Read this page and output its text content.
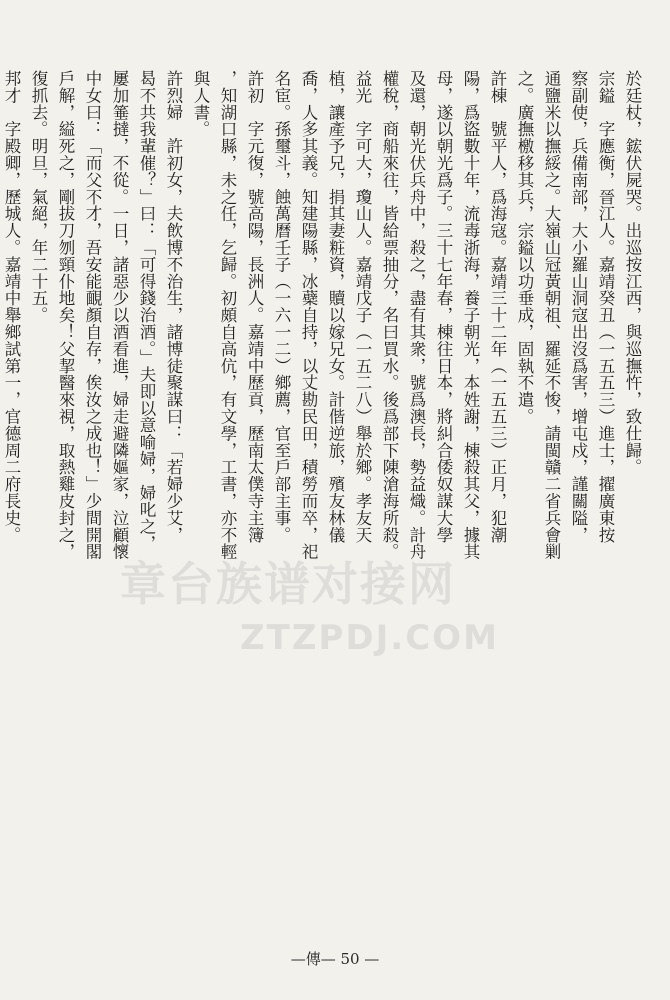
於廷杖，鋐伏屍哭。出巡按江西，與巡撫忤，致仕歸。
宗鎰　字應衡，晉江人。嘉靖癸丑（一五五三）進士，擢廣東按
察副使，兵備南部，大小羅山洞寇出沒爲害，增屯戍，謹關隘，
通鹽米以撫綏之。大嶺山冠黃朝祖、羅延不悛，請閩贛二省兵會剿
之。廣撫檄移其兵，宗鎰以功垂成，固執不遣。
許棟　號平人，爲海寇。嘉靖三十二年（一五五三）正月，犯潮
陽，爲盜數十年，流毒浙海，養子朝光，本姓謝，棟殺其父，據其
母，遂以朝光爲子。三十七年春，棟往日本，將糾合倭奴謀大學
及還，朝光伏兵舟中，殺之，盡有其衆，號爲澳長，勢益熾。計舟
權稅，商船來往，皆給票抽分，名曰買水。後爲部下陳滄海所殺。
益光　字可大，瓊山人。嘉靖戊子（一五二八）舉於鄉。孝友天
植，讓產予兄，捐其妻粧資，贖以嫁兄女。計偕逆旅，殯友林儀
喬，人多其義。知建陽縣，冰蘗自持，以丈勘民田，積勞而卒，祀
名宦。孫璽斗，蝕萬曆壬子（一六一二）鄉薦，官至戶部主事。
許初　字元復，號高陽，長洲人。嘉靖中歷貢，歷南太僕寺主簿
，知湖口縣，未之任，乞歸。初頗自高伉，有文學，工書，亦不輕
與人書。
許烈婦　許初女，夫飲博不治生，諸博徒聚謀曰：「若婦少艾，
曷不共我輩催？」曰：「可得錢治酒。」夫即以意喻婦，婦叱之，
屢加箠撻，不從。一日，諸惡少以酒看進，婦走避隣嫗家，泣顧懷
中女曰：「而父不才，吾安能靦顏自存，俟汝之成也！」少間開閣
戶解，縊死之，剛拔刀刎頸仆地矣！父挈醫來視，取熱雞皮封之，
復抓去。明旦，氣絕，年二十五。
邦才　字殿卿，歷城人。嘉靖中舉鄉試第一，官德周二府長史。
—傳— 50 —
章台族谱对接网
ZTZPDJ.COM
